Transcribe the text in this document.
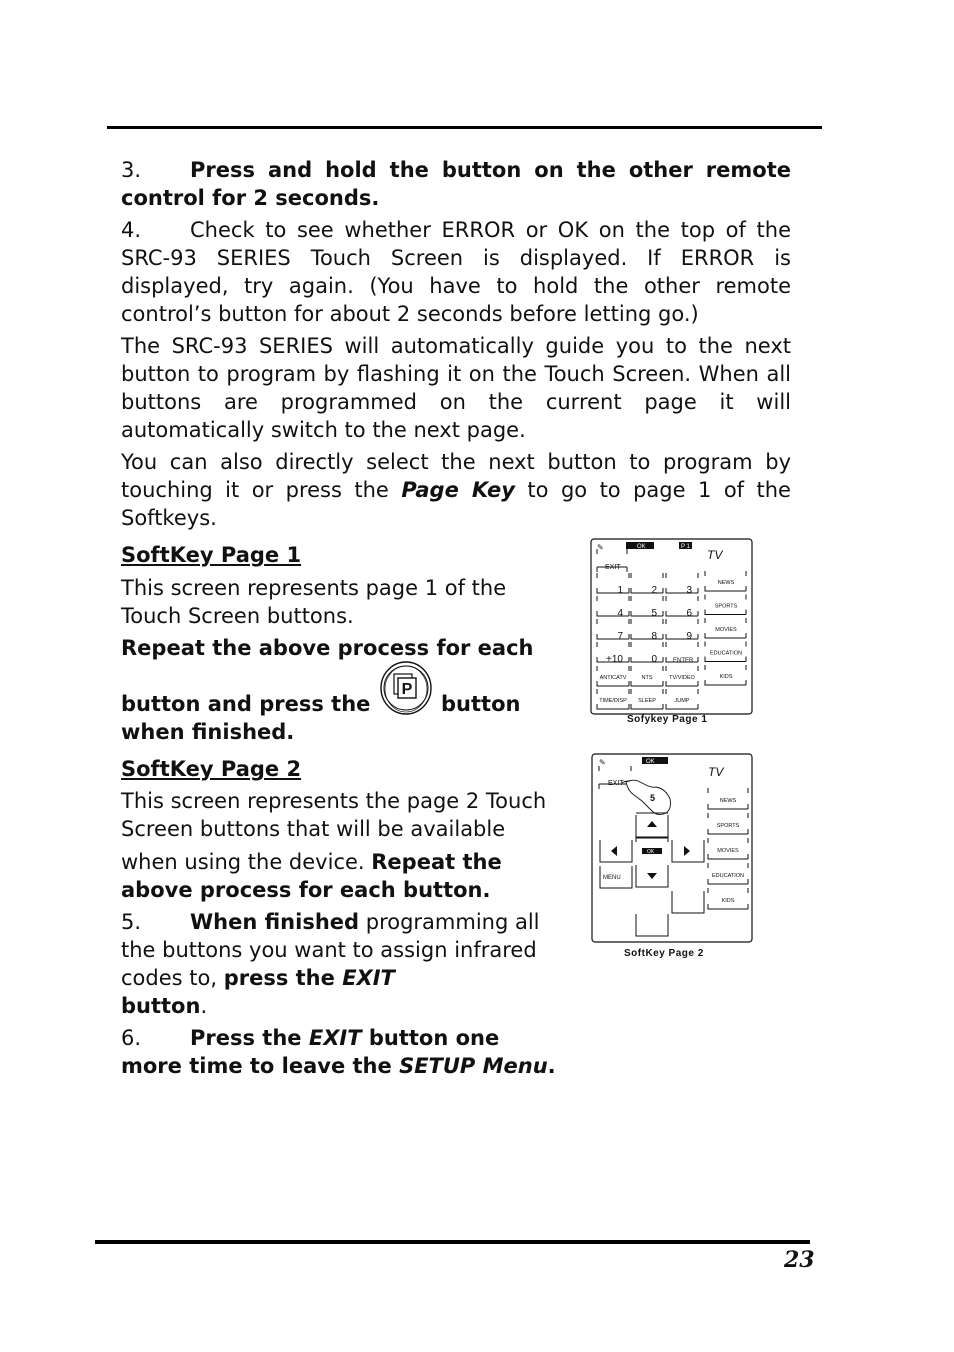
3. Press and hold the button on the other remote control for 2 seconds.
4. Check to see whether ERROR or OK on the top of the SRC-93 SERIES Touch Screen is displayed. If ERROR is displayed, try again. (You have to hold the other remote control’s button for about 2 seconds before letting go.)
The SRC-93 SERIES will automatically guide you to the next button to program by flashing it on the Touch Screen. When all buttons are programmed on the current page it will automatically switch to the next page.
You can also directly select the next button to program by touching it or press the Page Key to go to page 1 of the Softkeys.
SoftKey Page 1
This screen represents page 1 of the Touch Screen buttons.
Repeat the above process for each
button and press the
P
button
when finished.
SoftKey Page 2
This screen represents the page 2 Touch Screen buttons that will be available
when using the device. Repeat the
above process for each button.
5. When finished programming all the buttons you want to assign infrared codes to, press the EXIT
button.
6. Press the EXIT button one more time to leave the SETUP Menu.
✎	OK	P 1
TV
EXIT
1	2	3
4	5	6
7	8	9
+10	0	ENTER
ANTICATV	NTS	TV/VIDEO
TIME/DISP SLEEP	JUMP
NEWS
SPORTS
MOVIES
EDUCATION
KIDS
Sofykey Page 1
✎	OK
TV
EXIT
5
OK
MENU
NEWS
SPORTS
MOVIES
EDUCATION
KIDS
SoftKey Page 2
23
